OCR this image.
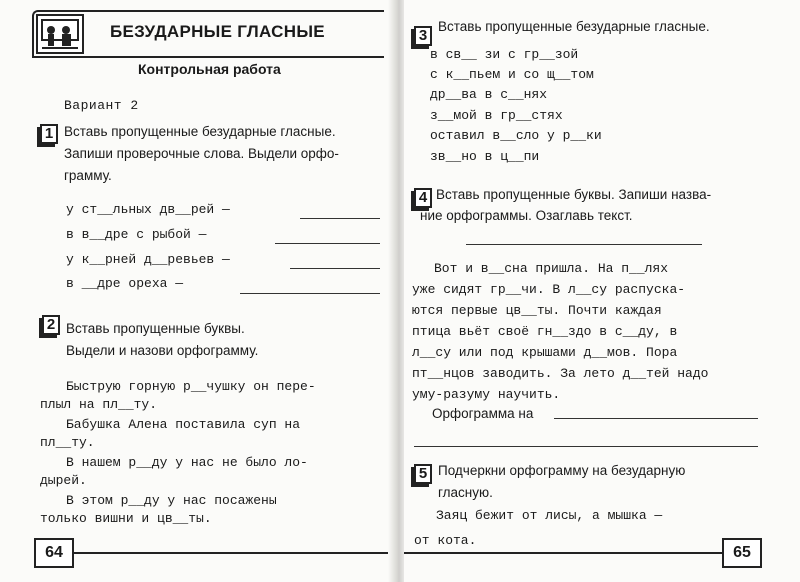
БЕЗУДАРНЫЕ ГЛАСНЫЕ
Контрольная работа
Вариант 2
1 Вставь пропущенные безударные гласные.
Запиши проверочные слова. Выдели орфо-
грамму.
у ст__льных дв__рей —
в в__дре с рыбой —
у к__рней д__ревьев —
в __дре ореха —
2 Вставь пропущенные буквы.
Выдели и назови орфограмму.
Быструю горную р__чушку он пере-
плыл на пл__ту.
Бабушка Алена поставила суп на
пл__ту.
В нашем р__ду у нас не было ло-
дырей.
В этом р__ду у нас посажены
только вишни и цв__ты.
64
3
Вставь пропущенные безударные гласные.
в св__ зи с гр__зой
с к__пьем и со щ__том
др__ва в с__нях
з__мой в гр__стях
оставил в__сло у р__ки
зв__но в ц__пи
4 Вставь пропущенные буквы. Запиши назва-
ние орфограммы. Озаглавь текст.
Вот и в__сна пришла. На п__лях
уже сидят гр__чи. В л__су распуска-
ются первые цв__ты. Почти каждая
птица вьёт своё гн__здо в с__ду, в
л__су или под крышами д__мов. Пора
пт__нцов заводить. За лето д__тей надо
уму-разуму научить.
Орфограмма на
5 Подчеркни орфограмму на безударную
гласную.
Заяц бежит от лисы, а мышка —
от кота.
65
